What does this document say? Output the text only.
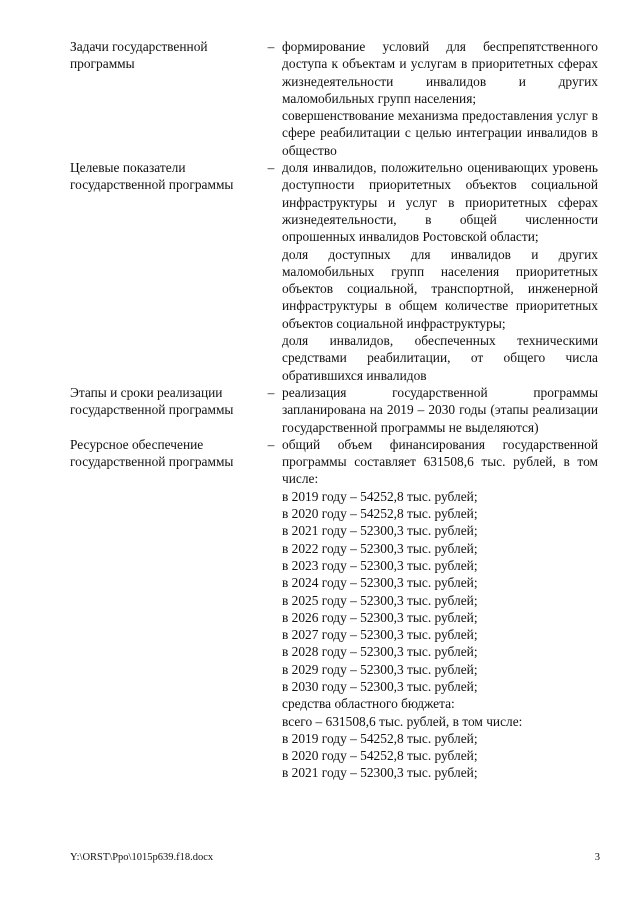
Задачи государственной программы
– формирование условий для беспрепятственного доступа к объектам и услугам в приоритетных сферах жизнедеятельности инвалидов и других маломобильных групп населения;

совершенствование механизма предоставления услуг в сфере реабилитации с целью интеграции инвалидов в общество

Целевые показатели государственной программы
– доля инвалидов, положительно оценивающих уровень доступности приоритетных объектов социальной инфраструктуры и услуг в приоритетных сферах жизнедеятельности, в общей численности опрошенных инвалидов Ростовской области;

доля доступных для инвалидов и других маломобильных групп населения приоритетных объектов социальной, транспортной, инженерной инфраструктуры в общем количестве приоритетных объектов социальной инфраструктуры;

доля инвалидов, обеспеченных техническими средствами реабилитации, от общего числа обратившихся инвалидов

Этапы и сроки реализации государственной программы
– реализация государственной программы запланирована на 2019 – 2030 годы (этапы реализации государственной программы не выделяются)

Ресурсное обеспечение государственной программы
– общий объем финансирования государственной программы составляет 631508,6 тыс. рублей, в том числе:

в 2019 году – 54252,8 тыс. рублей;

в 2020 году – 54252,8 тыс. рублей;

в 2021 году – 52300,3 тыс. рублей;

в 2022 году – 52300,3 тыс. рублей;

в 2023 году – 52300,3 тыс. рублей;

в 2024 году – 52300,3 тыс. рублей;

в 2025 году – 52300,3 тыс. рублей;

в 2026 году – 52300,3 тыс. рублей;

в 2027 году – 52300,3 тыс. рублей;

в 2028 году – 52300,3 тыс. рублей;

в 2029 году – 52300,3 тыс. рублей;

в 2030 году – 52300,3 тыс. рублей;

средства областного бюджета:

всего – 631508,6 тыс. рублей, в том числе:

в 2019 году – 54252,8 тыс. рублей;

в 2020 году – 54252,8 тыс. рублей;

в 2021 году – 52300,3 тыс. рублей;

Y:\ORST\Ppo\1015p639.f18.docx	3
